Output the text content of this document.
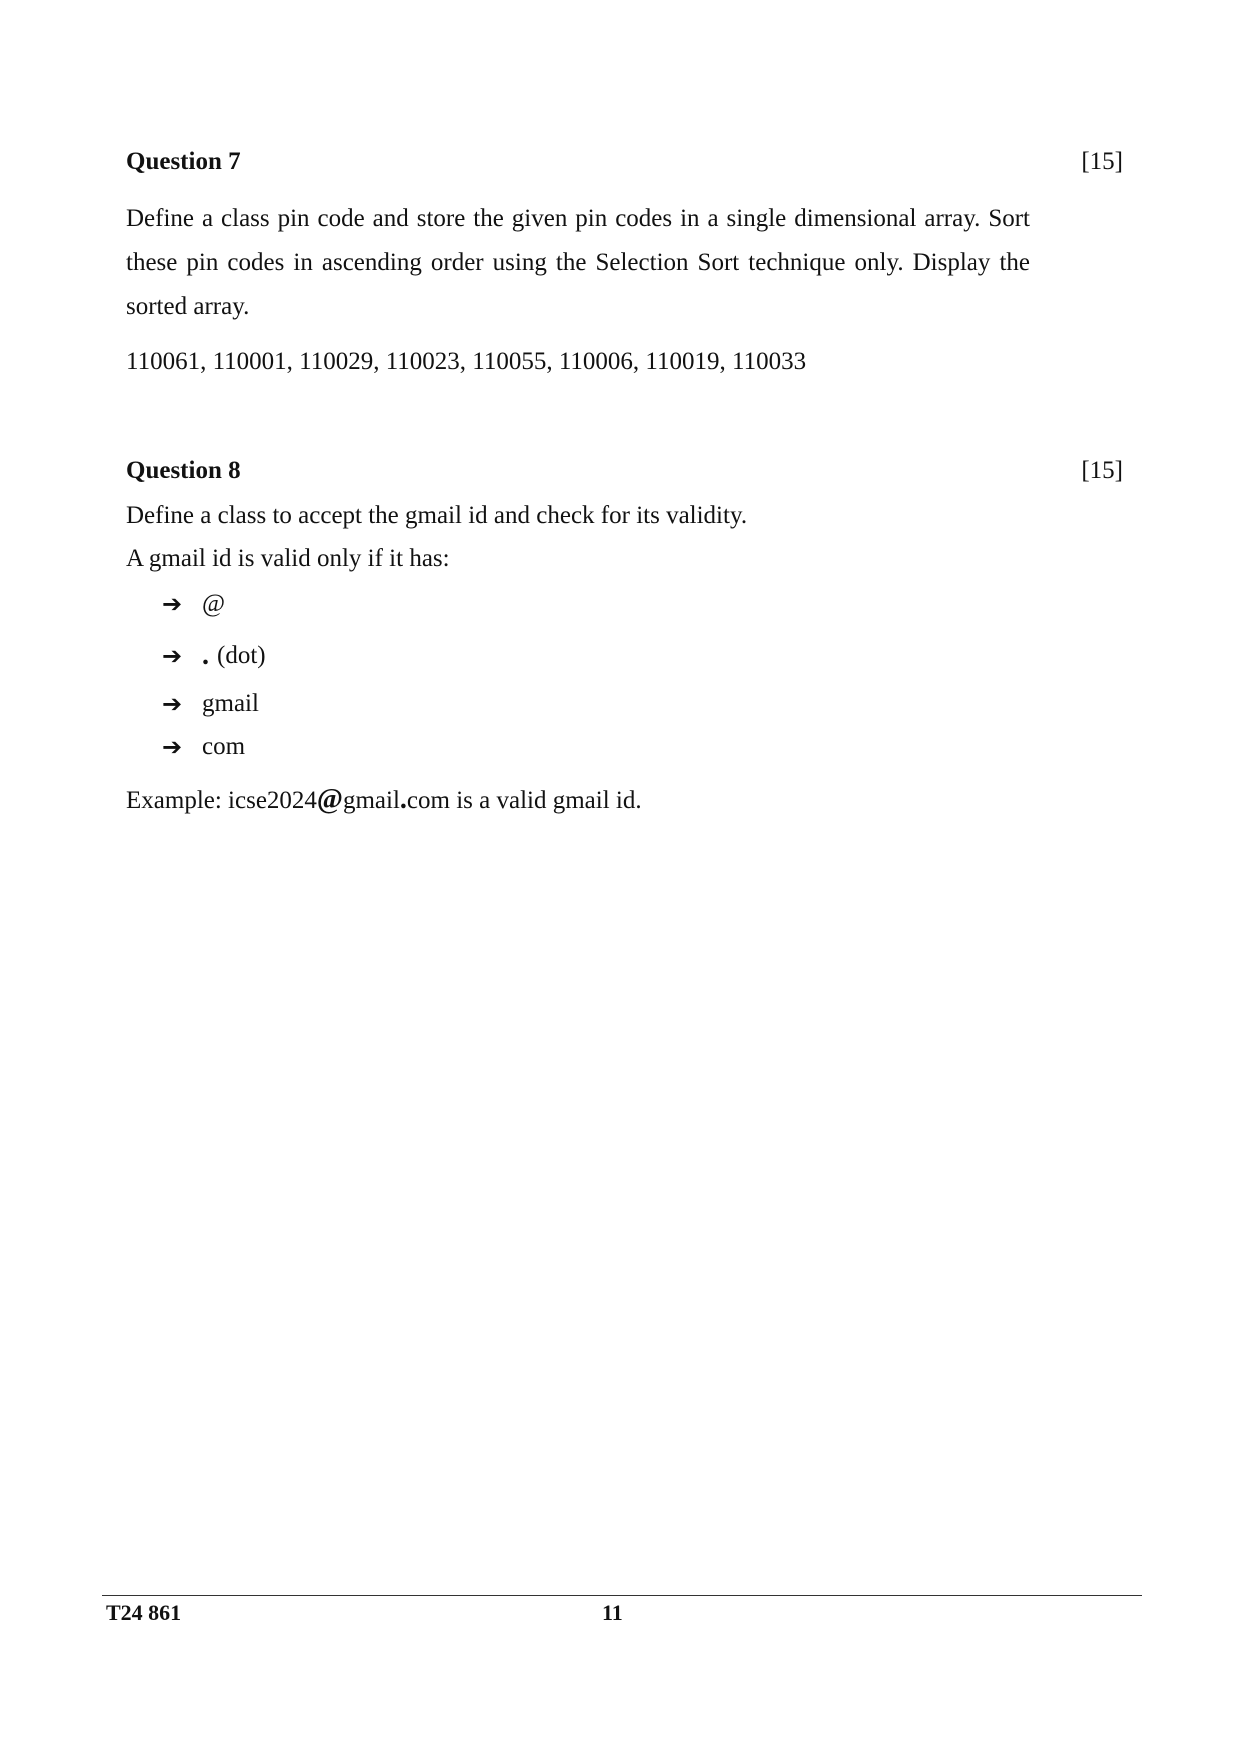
Question 7	[15]
Define a class pin code and store the given pin codes in a single dimensional array. Sort these pin codes in ascending order using the Selection Sort technique only. Display the sorted array.
110061, 110001, 110029, 110023, 110055, 110006, 110019, 110033
Question 8	[15]
Define a class to accept the gmail id and check for its validity.
A gmail id is valid only if it has:
➔ @
➔ . (dot)
➔ gmail
➔ com
Example: icse2024@gmail.com is a valid gmail id.
T24 861	11
